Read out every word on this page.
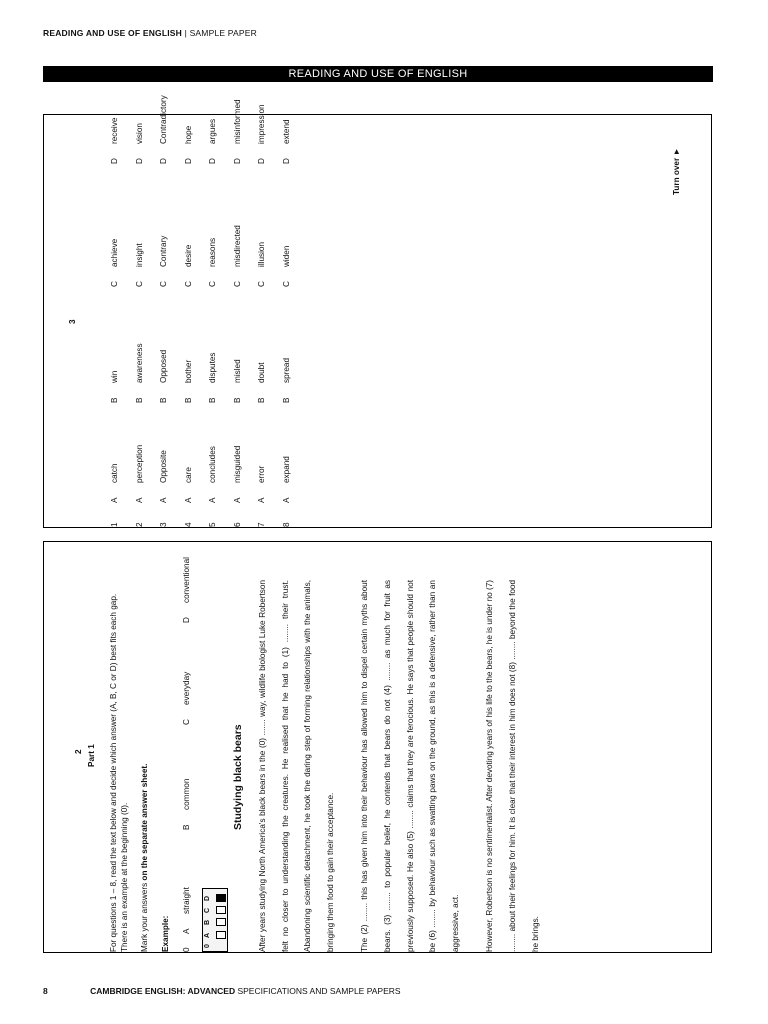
READING AND USE OF ENGLISH | SAMPLE PAPER
READING AND USE OF ENGLISH
3
Turn over ►
1
A
catch
B
win
C
achieve
D
receive
2
A
perception
B
awareness
C
insight
D
vision
3
A
Opposite
B
Opposed
C
Contrary
D
Contradictory
4
A
care
B
bother
C
desire
D
hope
5
A
concludes
B
disputes
C
reasons
D
argues
6
A
misguided
B
misled
C
misdirected
D
misinformed
7
A
error
B
doubt
C
illusion
D
impression
8
A
expand
B
spread
C
widen
D
extend
2 Part 1 For questions 1 – 8, read the text below and decide which answer (A, B, C or D) best fits each gap. There is an example at the beginning (0). Mark your answers on the separate answer sheet.
Example: 0
A
straight
B
common
C
everyday
D
conventional
0
A
B
C
D
Studying black bears	After years studying North America's black bears in the (0) ....... way, wildlife biologist Luke Robertson felt no closer to understanding the creatures. He realised that he had to (1) ........ their trust. Abandoning scientific detachment, he took the daring step of forming relationships with the animals, bringing them food to gain their acceptance.	The (2) ........ this has given him into their behaviour has allowed him to dispel certain myths about bears. (3) ........ to popular belief, he contends that bears do not (4) ........ as much for fruit as previously supposed. He also (5) ........ claims that they are ferocious. He says that people should not be (6) ........ by behaviour such as swatting paws on the ground, as this is a defensive, rather than an aggressive, act.	However, Robertson is no sentimentalist. After devoting years of his life to the bears, he is under no (7) ........ about their feelings for him. It is clear that their interest in him does not (8) ........ beyond the food he brings.

8	CAMBRIDGE ENGLISH: ADVANCED SPECIFICATIONS AND SAMPLE PAPERS
